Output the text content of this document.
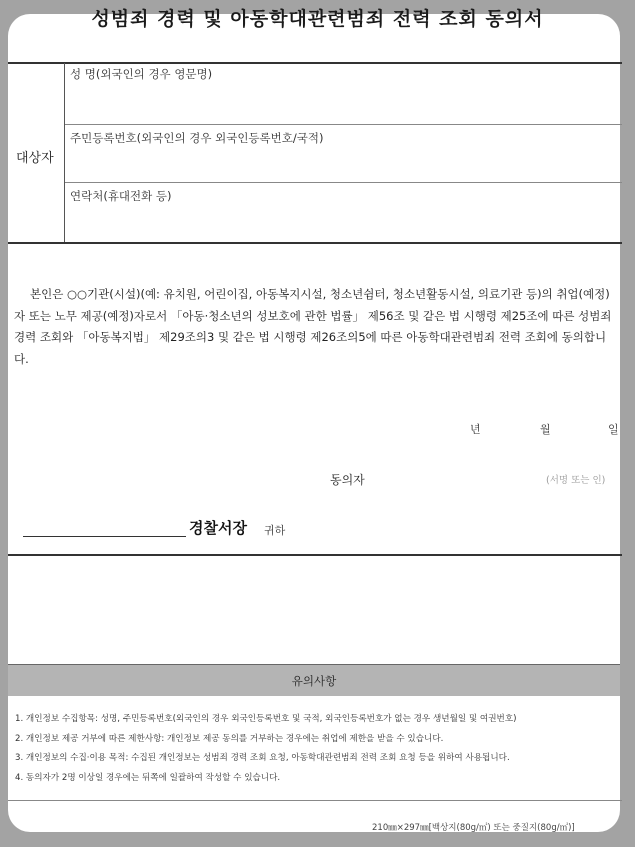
성범죄 경력 및 아동학대관련범죄 전력 조회 동의서
대상자
성 명(외국인의 경우 영문명)
주민등록번호(외국인의 경우 외국인등록번호/국적)
연락처(휴대전화 등)
본인은 ○○기관(시설)(예: 유치원, 어린이집, 아동복지시설, 청소년쉼터, 청소년활동시설, 의료기관 등)의 취업(예정)자 또는 노무 제공(예정)자로서 「아동·청소년의 성보호에 관한 법률」 제56조 및 같은 법 시행령 제25조에 따른 성범죄 경력 조회와 「아동복지법」 제29조의3 및 같은 법 시행령 제26조의5에 따른 아동학대관련범죄 전력 조회에 동의합니다.
년	월	일
동의자	(서명 또는 인)
경찰서장 귀하
유의사항
1. 개인정보 수집항목: 성명, 주민등록번호(외국인의 경우 외국인등록번호 및 국적, 외국인등록번호가 없는 경우 생년월일 및 여권번호)
2. 개인정보 제공 거부에 따른 제한사항: 개인정보 제공 동의를 거부하는 경우에는 취업에 제한을 받을 수 있습니다.
3. 개인정보의 수집·이용 목적: 수집된 개인정보는 성범죄 경력 조회 요청, 아동학대관련범죄 전력 조회 요청 등을 위하여 사용됩니다.
4. 동의자가 2명 이상일 경우에는 뒤쪽에 일괄하여 작성할 수 있습니다.
210㎜×297㎜[백상지(80g/㎡) 또는 중질지(80g/㎡)]
